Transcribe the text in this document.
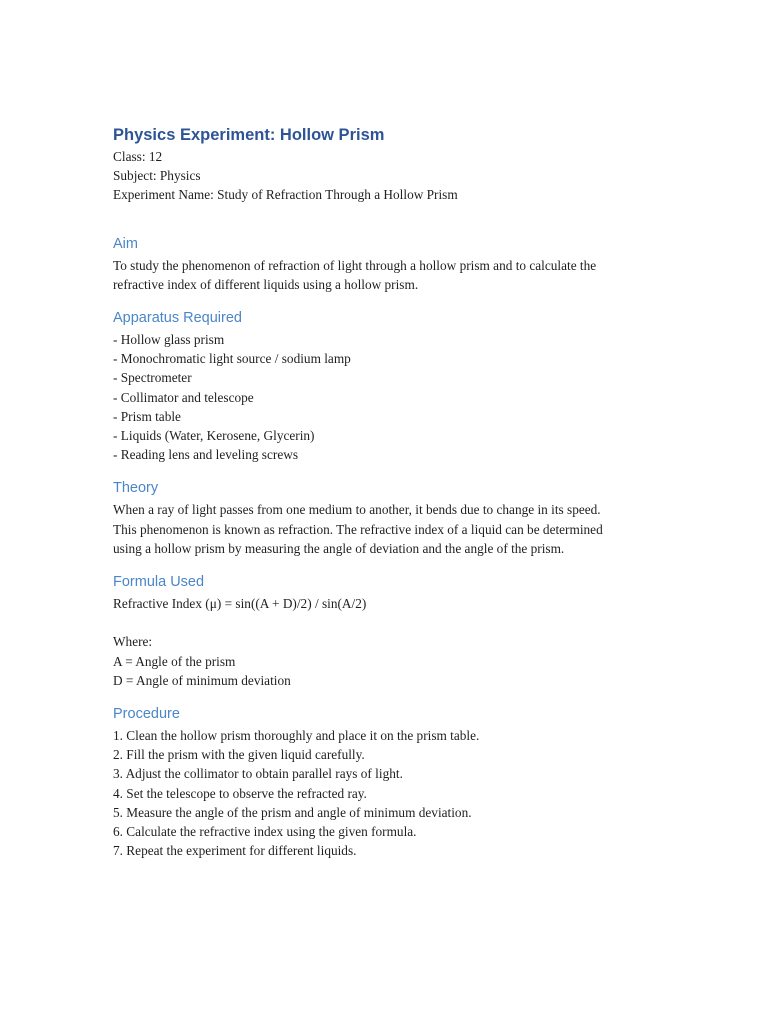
Physics Experiment: Hollow Prism
Class: 12
Subject: Physics
Experiment Name: Study of Refraction Through a Hollow Prism
Aim
To study the phenomenon of refraction of light through a hollow prism and to calculate the
refractive index of different liquids using a hollow prism.
Apparatus Required
- Hollow glass prism
- Monochromatic light source / sodium lamp
- Spectrometer
- Collimator and telescope
- Prism table
- Liquids (Water, Kerosene, Glycerin)
- Reading lens and leveling screws
Theory
When a ray of light passes from one medium to another, it bends due to change in its speed.
This phenomenon is known as refraction. The refractive index of a liquid can be determined
using a hollow prism by measuring the angle of deviation and the angle of the prism.
Formula Used
Refractive Index (μ) = sin((A + D)/2) / sin(A/2)
Where:
A = Angle of the prism
D = Angle of minimum deviation
Procedure
1. Clean the hollow prism thoroughly and place it on the prism table.
2. Fill the prism with the given liquid carefully.
3. Adjust the collimator to obtain parallel rays of light.
4. Set the telescope to observe the refracted ray.
5. Measure the angle of the prism and angle of minimum deviation.
6. Calculate the refractive index using the given formula.
7. Repeat the experiment for different liquids.
